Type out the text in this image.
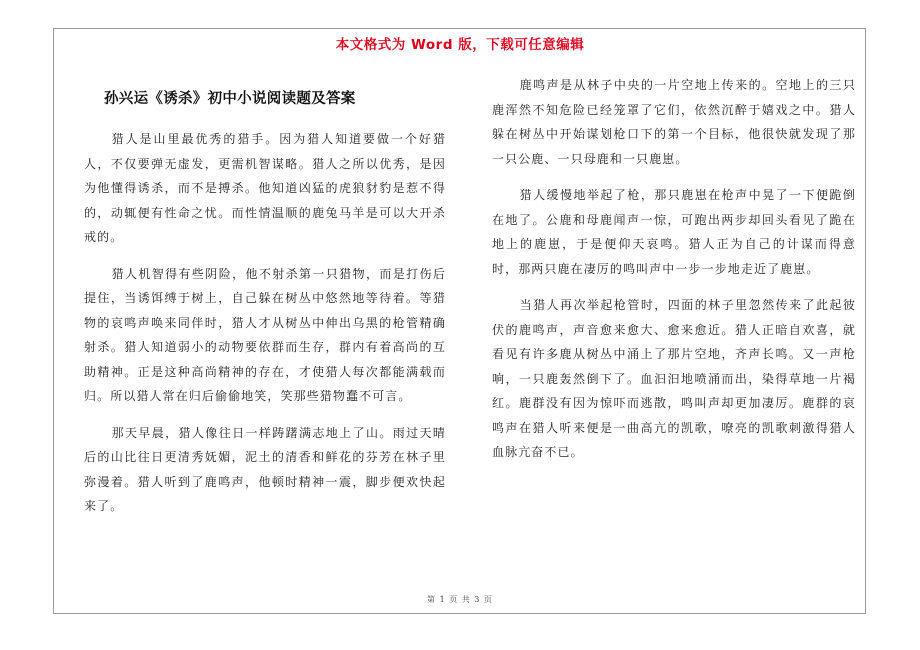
本文格式为 Word 版，下载可任意编辑
孙兴运《诱杀》初中小说阅读题及答案

猎人是山里最优秀的猎手。因为猎人知道要做一个好猎人，不仅要弹无虚发，更需机智谋略。猎人之所以优秀，是因为他懂得诱杀，而不是搏杀。他知道凶猛的虎狼豺豹是惹不得的，动辄便有性命之忧。而性情温顺的鹿兔马羊是可以大开杀戒的。

猎人机智得有些阴险，他不射杀第一只猎物，而是打伤后提住，当诱饵缚于树上，自己躲在树丛中悠然地等待着。等猎物的哀鸣声唤来同伴时，猎人才从树丛中伸出乌黑的枪管精确射杀。猎人知道弱小的动物要依群而生存，群内有着高尚的互助精神。正是这种高尚精神的存在，才使猎人每次都能满载而归。所以猎人常在归后偷偷地笑，笑那些猎物蠢不可言。

那天早晨，猎人像往日一样踌躇满志地上了山。雨过天晴后的山比往日更清秀妩媚，泥土的清香和鲜花的芬芳在林子里弥漫着。猎人听到了鹿鸣声，他顿时精神一震，脚步便欢快起来了。

鹿鸣声是从林子中央的一片空地上传来的。空地上的三只鹿浑然不知危险已经笼罩了它们，依然沉醉于嬉戏之中。猎人躲在树丛中开始谋划枪口下的第一个目标，他很快就发现了那一只公鹿、一只母鹿和一只鹿崽。

猎人缓慢地举起了枪，那只鹿崽在枪声中晃了一下便跪倒在地了。公鹿和母鹿闻声一惊，可跑出两步却回头看见了跪在地上的鹿崽，于是便仰天哀鸣。猎人正为自己的计谋而得意时，那两只鹿在凄厉的鸣叫声中一步一步地走近了鹿崽。

当猎人再次举起枪管时，四面的林子里忽然传来了此起彼伏的鹿鸣声，声音愈来愈大、愈来愈近。猎人正暗自欢喜，就看见有许多鹿从树丛中涌上了那片空地，齐声长鸣。又一声枪响，一只鹿轰然倒下了。血汩汩地喷涌而出，染得草地一片褐红。鹿群没有因为惊吓而逃散，鸣叫声却更加凄厉。鹿群的哀鸣声在猎人听来便是一曲高亢的凯歌，嘹亮的凯歌刺激得猎人血脉亢奋不已。

第 1 页 共 3 页
